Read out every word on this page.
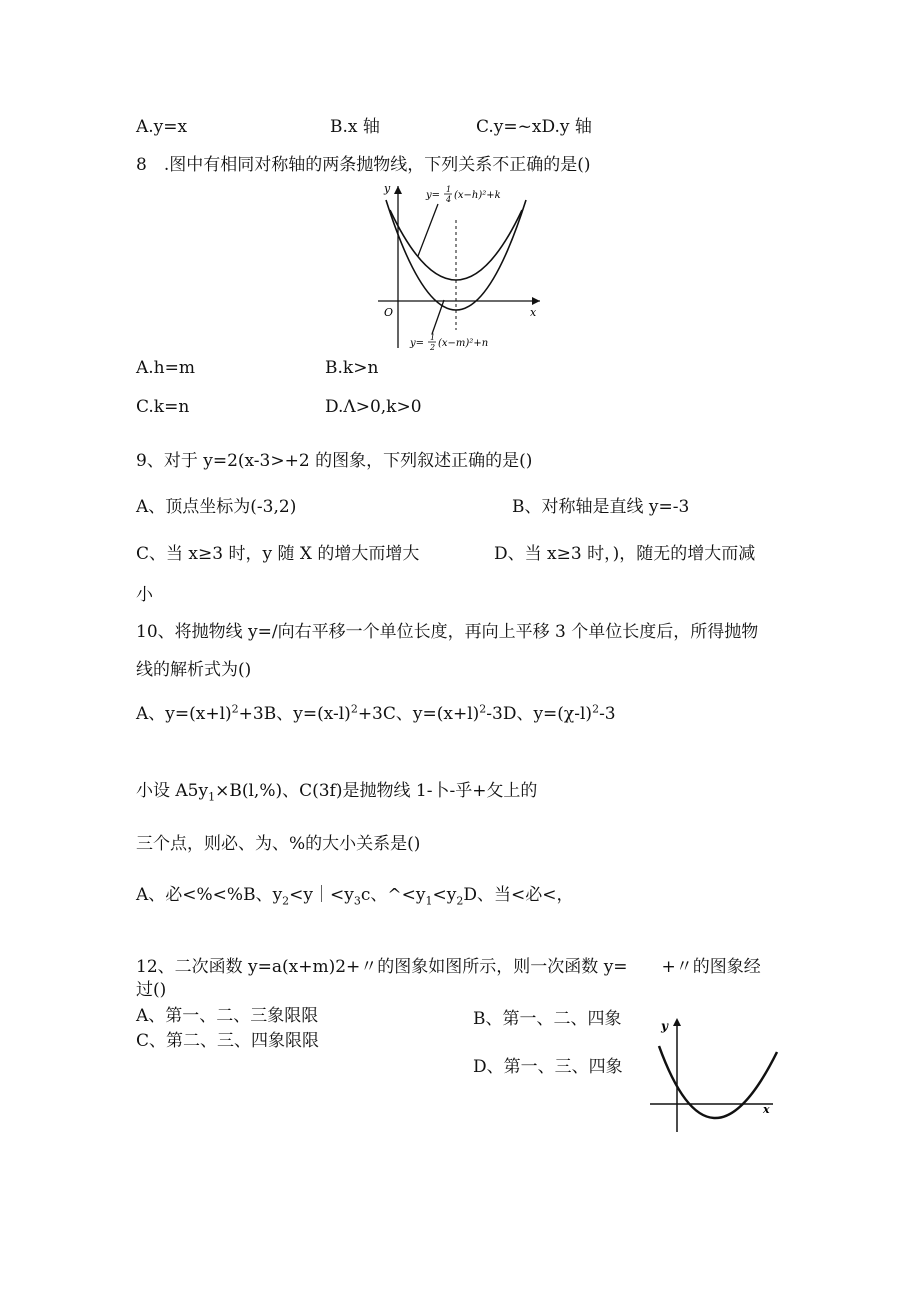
A.y=x	B.x 轴	C.y=~xD.y 轴
8　.图中有相同对称轴的两条抛物线，下列关系不正确的是()
y
x
O
y=
1
4 (x−h)²+k
y=
1
2 (x−m)²+n
A.h=m	B.k>n
C.k=n	D.Λ>0,k>0
9、对于 y=2(x-3>+2 的图象，下列叙述正确的是()
A、顶点坐标为(-3,2)	B、对称轴是直线 y=-3
C、当 x≥3 时，y 随 X 的增大而增大	D、当 x≥3 时，)，随无的增大而减
小
10、将抛物线 y=/向右平移一个单位长度，再向上平移 3 个单位长度后，所得抛物
线的解析式为()
A、$y=(x+l)^2+3B$、$y=(x-l)^2+3C$、$y=(x+l)^2-3D$、$y=(\chi-l)^2-3$
小设 $A5y_1\times B(l,\%)$、C(3f)是抛物线 1-卜-乎+攵上的
三个点，则必、为、%的大小关系是()
A、必<%<%B、$y_2<y|<y_3c$、$\^{}<y_1<y_2D$、当<必<，
12、二次函数 y=a(x+m)2+〃的图象如图所示，则一次函数 y=　　+〃的图象经
过()
A、第一、二、三象限限	B、第一、二、四象
C、第二、三、四象限限
D、第一、三、四象
y
x
